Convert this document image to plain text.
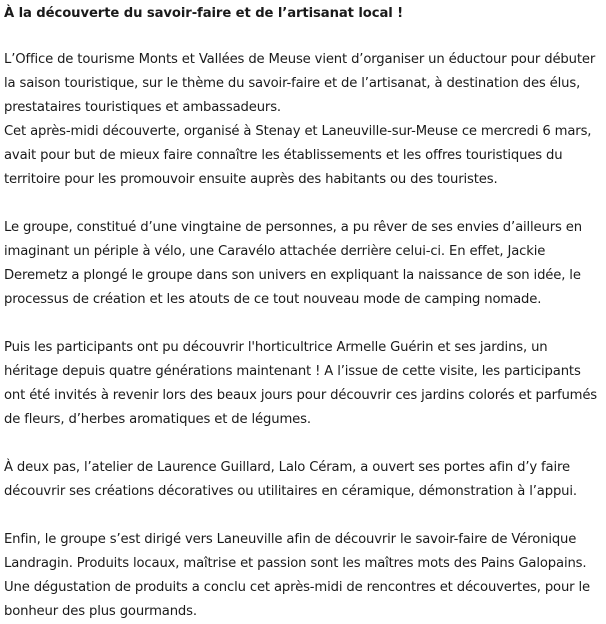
À la découverte du savoir-faire et de l’artisanat local !

L’Office de tourisme Monts et Vallées de Meuse vient d’organiser un éductour pour débuter la saison touristique, sur le thème du savoir-faire et de l’artisanat, à destination des élus, prestataires touristiques et ambassadeurs.

Cet après-midi découverte, organisé à Stenay et Laneuville-sur-Meuse ce mercredi 6 mars, avait pour but de mieux faire connaître les établissements et les offres touristiques du territoire pour les promouvoir ensuite auprès des habitants ou des touristes.

Le groupe, constitué d’une vingtaine de personnes, a pu rêver de ses envies d’ailleurs en imaginant un périple à vélo, une Caravélo attachée derrière celui-ci. En effet, Jackie Deremetz a plongé le groupe dans son univers en expliquant la naissance de son idée, le processus de création et les atouts de ce tout nouveau mode de camping nomade.

Puis les participants ont pu découvrir l'horticultrice Armelle Guérin et ses jardins, un héritage depuis quatre générations maintenant ! A l’issue de cette visite, les participants ont été invités à revenir lors des beaux jours pour découvrir ces jardins colorés et parfumés de fleurs, d’herbes aromatiques et de légumes.

À deux pas, l’atelier de Laurence Guillard, Lalo Céram, a ouvert ses portes afin d’y faire découvrir ses créations décoratives ou utilitaires en céramique, démonstration à l’appui.

Enfin, le groupe s’est dirigé vers Laneuville afin de découvrir le savoir-faire de Véronique Landragin. Produits locaux, maîtrise et passion sont les maîtres mots des Pains Galopains. Une dégustation de produits a conclu cet après-midi de rencontres et découvertes, pour le bonheur des plus gourmands.
